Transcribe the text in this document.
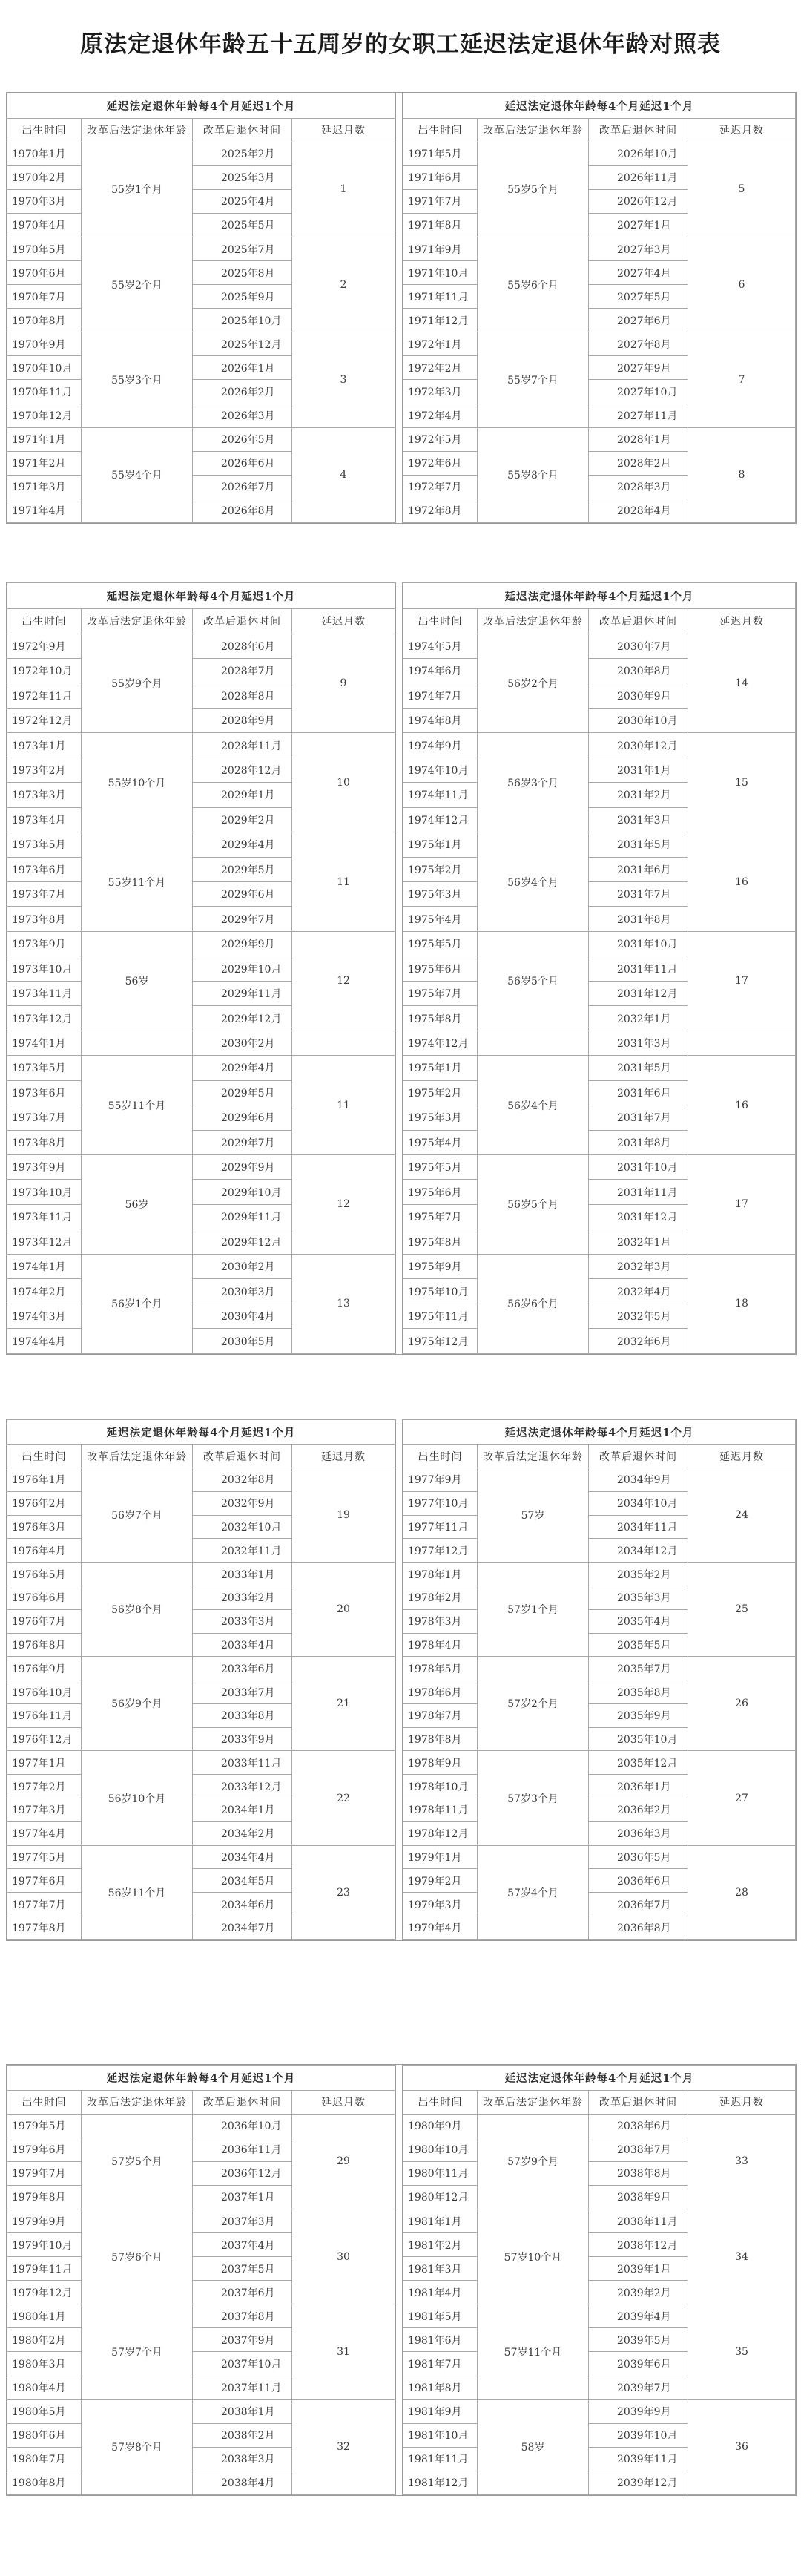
原法定退休年龄五十五周岁的女职工延迟法定退休年龄对照表
延迟法定退休年龄每4个月延迟1个月			
出生时间	改革后法定退休年龄	改革后退休时间	延迟月数
1970年1月	55岁1个月	2025年2月	1
1970年2月		2025年3月	
1970年3月		2025年4月	
1970年4月		2025年5月	
1970年5月	55岁2个月	2025年7月	2
1970年6月		2025年8月	
1970年7月		2025年9月	
1970年8月		2025年10月	
1970年9月	55岁3个月	2025年12月	3
1970年10月		2026年1月	
1970年11月		2026年2月	
1970年12月		2026年3月	
1971年1月	55岁4个月	2026年5月	4
1971年2月		2026年6月	
1971年3月		2026年7月	
1971年4月		2026年8月	
延迟法定退休年龄每4个月延迟1个月			
出生时间	改革后法定退休年龄	改革后退休时间	延迟月数
1971年5月	55岁5个月	2026年10月	5
1971年6月		2026年11月	
1971年7月		2026年12月	
1971年8月		2027年1月	
1971年9月	55岁6个月	2027年3月	6
1971年10月		2027年4月	
1971年11月		2027年5月	
1971年12月		2027年6月	
1972年1月	55岁7个月	2027年8月	7
1972年2月		2027年9月	
1972年3月		2027年10月	
1972年4月		2027年11月	
1972年5月	55岁8个月	2028年1月	8
1972年6月		2028年2月	
1972年7月		2028年3月	
1972年8月		2028年4月	
延迟法定退休年龄每4个月延迟1个月			
出生时间	改革后法定退休年龄	改革后退休时间	延迟月数
1972年9月	55岁9个月	2028年6月	9
1972年10月		2028年7月	
1972年11月		2028年8月	
1972年12月		2028年9月	
1973年1月	55岁10个月	2028年11月	10
1973年2月		2028年12月	
1973年3月		2029年1月	
1973年4月		2029年2月	
1973年5月	55岁11个月	2029年4月	11
1973年6月		2029年5月	
1973年7月		2029年6月	
1973年8月		2029年7月	
1973年9月	56岁	2029年9月	12
1973年10月		2029年10月	
1973年11月		2029年11月	
1973年12月		2029年12月	
1974年1月		2030年2月	
1973年5月	55岁11个月	2029年4月	11
1973年6月		2029年5月	
1973年7月		2029年6月	
1973年8月		2029年7月	
1973年9月	56岁	2029年9月	12
1973年10月		2029年10月	
1973年11月		2029年11月	
1973年12月		2029年12月	
1974年1月	56岁1个月	2030年2月	13
1974年2月		2030年3月	
1974年3月		2030年4月	
1974年4月		2030年5月	
延迟法定退休年龄每4个月延迟1个月			
出生时间	改革后法定退休年龄	改革后退休时间	延迟月数
1974年5月	56岁2个月	2030年7月	14
1974年6月		2030年8月	
1974年7月		2030年9月	
1974年8月		2030年10月	
1974年9月	56岁3个月	2030年12月	15
1974年10月		2031年1月	
1974年11月		2031年2月	
1974年12月		2031年3月	
1975年1月	56岁4个月	2031年5月	16
1975年2月		2031年6月	
1975年3月		2031年7月	
1975年4月		2031年8月	
1975年5月	56岁5个月	2031年10月	17
1975年6月		2031年11月	
1975年7月		2031年12月	
1975年8月		2032年1月	
1974年12月		2031年3月	
1975年1月	56岁4个月	2031年5月	16
1975年2月		2031年6月	
1975年3月		2031年7月	
1975年4月		2031年8月	
1975年5月	56岁5个月	2031年10月	17
1975年6月		2031年11月	
1975年7月		2031年12月	
1975年8月		2032年1月	
1975年9月	56岁6个月	2032年3月	18
1975年10月		2032年4月	
1975年11月		2032年5月	
1975年12月		2032年6月	
延迟法定退休年龄每4个月延迟1个月			
出生时间	改革后法定退休年龄	改革后退休时间	延迟月数
1976年1月	56岁7个月	2032年8月	19
1976年2月		2032年9月	
1976年3月		2032年10月	
1976年4月		2032年11月	
1976年5月	56岁8个月	2033年1月	20
1976年6月		2033年2月	
1976年7月		2033年3月	
1976年8月		2033年4月	
1976年9月	56岁9个月	2033年6月	21
1976年10月		2033年7月	
1976年11月		2033年8月	
1976年12月		2033年9月	
1977年1月	56岁10个月	2033年11月	22
1977年2月		2033年12月	
1977年3月		2034年1月	
1977年4月		2034年2月	
1977年5月	56岁11个月	2034年4月	23
1977年6月		2034年5月	
1977年7月		2034年6月	
1977年8月		2034年7月	
延迟法定退休年龄每4个月延迟1个月			
出生时间	改革后法定退休年龄	改革后退休时间	延迟月数
1977年9月	57岁	2034年9月	24
1977年10月		2034年10月	
1977年11月		2034年11月	
1977年12月		2034年12月	
1978年1月	57岁1个月	2035年2月	25
1978年2月		2035年3月	
1978年3月		2035年4月	
1978年4月		2035年5月	
1978年5月	57岁2个月	2035年7月	26
1978年6月		2035年8月	
1978年7月		2035年9月	
1978年8月		2035年10月	
1978年9月	57岁3个月	2035年12月	27
1978年10月		2036年1月	
1978年11月		2036年2月	
1978年12月		2036年3月	
1979年1月	57岁4个月	2036年5月	28
1979年2月		2036年6月	
1979年3月		2036年7月	
1979年4月		2036年8月	
延迟法定退休年龄每4个月延迟1个月			
出生时间	改革后法定退休年龄	改革后退休时间	延迟月数
1979年5月	57岁5个月	2036年10月	29
1979年6月		2036年11月	
1979年7月		2036年12月	
1979年8月		2037年1月	
1979年9月	57岁6个月	2037年3月	30
1979年10月		2037年4月	
1979年11月		2037年5月	
1979年12月		2037年6月	
1980年1月	57岁7个月	2037年8月	31
1980年2月		2037年9月	
1980年3月		2037年10月	
1980年4月		2037年11月	
1980年5月	57岁8个月	2038年1月	32
1980年6月		2038年2月	
1980年7月		2038年3月	
1980年8月		2038年4月	
延迟法定退休年龄每4个月延迟1个月			
出生时间	改革后法定退休年龄	改革后退休时间	延迟月数
1980年9月	57岁9个月	2038年6月	33
1980年10月		2038年7月	
1980年11月		2038年8月	
1980年12月		2038年9月	
1981年1月	57岁10个月	2038年11月	34
1981年2月		2038年12月	
1981年3月		2039年1月	
1981年4月		2039年2月	
1981年5月	57岁11个月	2039年4月	35
1981年6月		2039年5月	
1981年7月		2039年6月	
1981年8月		2039年7月	
1981年9月	58岁	2039年9月	36
1981年10月		2039年10月	
1981年11月		2039年11月	
1981年12月		2039年12月	
